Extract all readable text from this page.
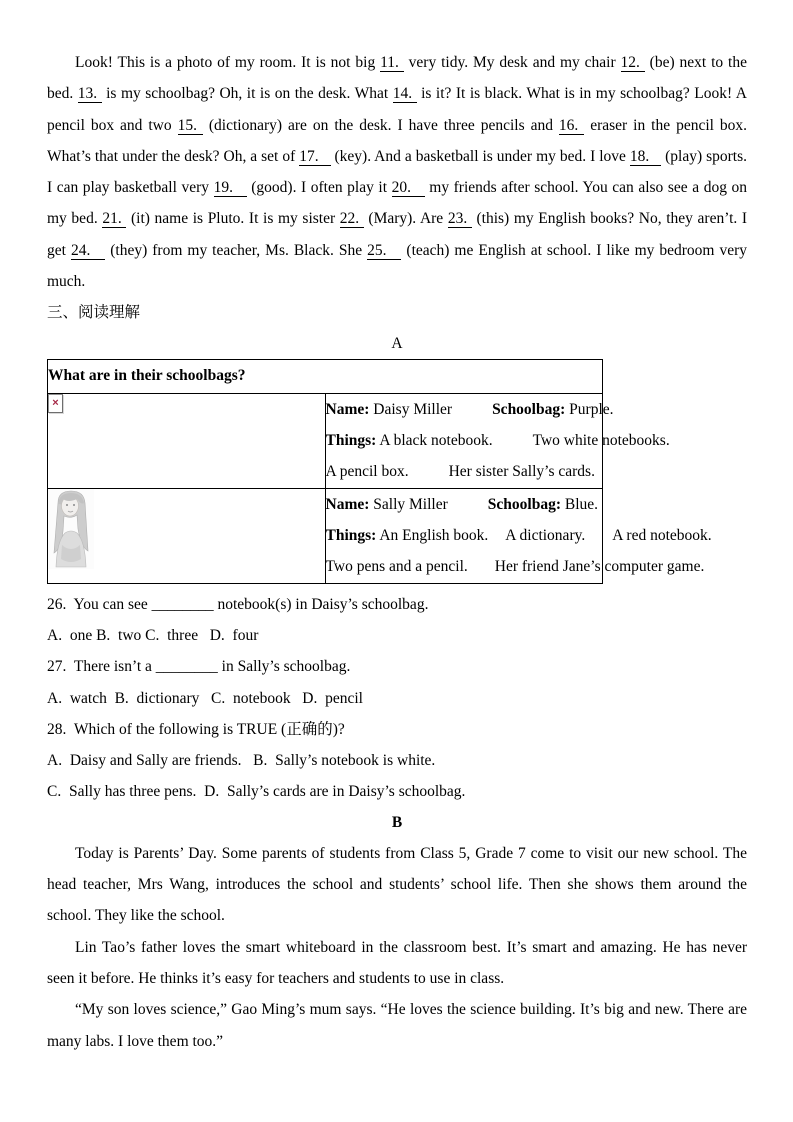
Look! This is a photo of my room. It is not big 11.  very tidy. My desk and my chair 12.  (be) next to the bed. 13.  is my schoolbag? Oh, it is on the desk. What 14.  is it? It is black. What is in my schoolbag? Look! A pencil box and two 15.  (dictionary) are on the desk. I have three pencils and 16.  eraser in the pencil box. What’s that under the desk? Oh, a set of 17.    (key). And a basketball is under my bed. I love 18.    (play) sports. I can play basketball very 19.    (good). I often play it 20.    my friends after school. You can also see a dog on my bed. 21.  (it) name is Pluto. It is my sister 22.  (Mary). Are 23.  (this) my English books? No, they aren’t. I get 24.    (they) from my teacher, Ms. Black. She 25.    (teach) me English at school. I like my bedroom very much.

三、阅读理解
A
What are in their schoolbags?	

×	Name: Daisy Miller Schoolbag: Purple.
Things: A black notebook. Two white notebooks.
A pencil box. Her sister Sally’s cards.

Name: Sally Miller Schoolbag: Blue.
Things: An English book. A dictionary. A red notebook.
Two pens and a pencil. Her friend Jane’s computer game.
26.  You can see ________ notebook(s) in Daisy’s schoolbag.
A.  one B.  two C.  three   D.  four
27.  There isn’t a ________ in Sally’s schoolbag.
A.  watch  B.  dictionary   C.  notebook   D.  pencil
28.  Which of the following is TRUE (正确的)?
A.  Daisy and Sally are friends.   B.  Sally’s notebook is white.
C.  Sally has three pens.  D.  Sally’s cards are in Daisy’s schoolbag.
B

Today is Parents’ Day. Some parents of students from Class 5, Grade 7 come to visit our new school. The head teacher, Mrs Wang, introduces the school and students’ school life. Then she shows them around the school. They like the school.

Lin Tao’s father loves the smart whiteboard in the classroom best. It’s smart and amazing. He has never seen it before. He thinks it’s easy for teachers and students to use in class.

“My son loves science,” Gao Ming’s mum says. “He loves the science building. It’s big and new. There are many labs. I love them too.”
